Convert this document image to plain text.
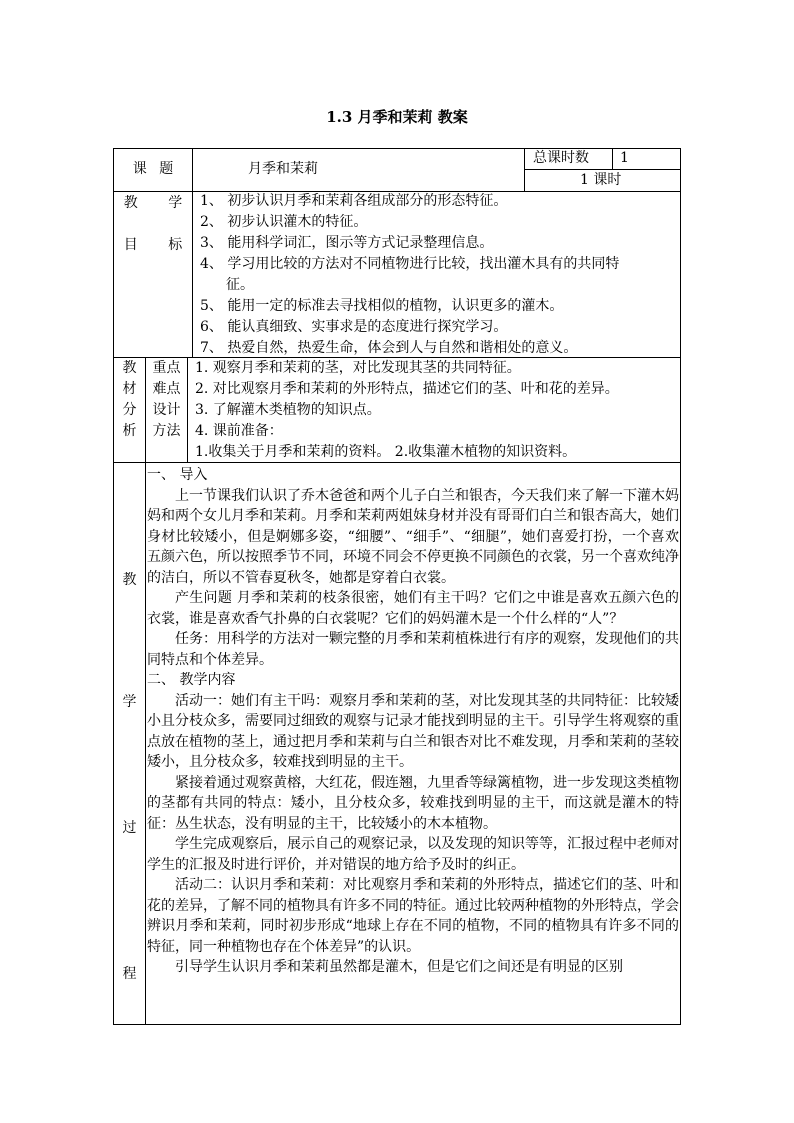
1.3 月季和茉莉 教案
课 题	月季和茉莉
总课时数 1
1 课时
教 学
目 标
1、 初步认识月季和茉莉各组成部分的形态特征。
2、 初步认识灌木的特征。
3、 能用科学词汇，图示等方式记录整理信息。
4、 学习用比较的方法对不同植物进行比较，找出灌木具有的共同特
征。
5、 能用一定的标准去寻找相似的植物，认识更多的灌木。
6、 能认真细致、实事求是的态度进行探究学习。
7、 热爱自然，热爱生命，体会到人与自然和谐相处的意义。
教
材
分
析
重点
难点
设计
方法
1. 观察月季和茉莉的茎，对比发现其茎的共同特征。
2. 对比观察月季和茉莉的外形特点，描述它们的茎、叶和花的差异。
3. 了解灌木类植物的知识点。
4. 课前准备：
1.收集关于月季和茉莉的资料。 2.收集灌木植物的知识资料。
教
学
过
程

一、 导入

上一节课我们认识了乔木爸爸和两个儿子白兰和银杏，今天我们来了解一下灌木妈妈和两个女儿月季和茉莉。月季和茉莉两姐妹身材并没有哥哥们白兰和银杏高大，她们身材比较矮小，但是婀娜多姿，“细腰”、“细手”、“细腿”，她们喜爱打扮，一个喜欢五颜六色，所以按照季节不同，环境不同会不停更换不同颜色的衣裳，另一个喜欢纯净的洁白，所以不管春夏秋冬，她都是穿着白衣裳。

产生问题 月季和茉莉的枝条很密，她们有主干吗？它们之中谁是喜欢五颜六色的衣裳，谁是喜欢香气扑鼻的白衣裳呢？它们的妈妈灌木是一个什么样的“人”？

任务：用科学的方法对一颗完整的月季和茉莉植株进行有序的观察，发现他们的共同特点和个体差异。

二、 教学内容

活动一：她们有主干吗：观察月季和茉莉的茎，对比发现其茎的共同特征：比较矮小且分枝众多，需要同过细致的观察与记录才能找到明显的主干。引导学生将观察的重点放在植物的茎上，通过把月季和茉莉与白兰和银杏对比不难发现，月季和茉莉的茎较矮小，且分枝众多，较难找到明显的主干。

紧接着通过观察黄榕，大红花，假连翘，九里香等绿篱植物，进一步发现这类植物的茎都有共同的特点：矮小，且分枝众多，较难找到明显的主干，而这就是灌木的特征：丛生状态，没有明显的主干，比较矮小的木本植物。

学生完成观察后，展示自己的观察记录，以及发现的知识等等，汇报过程中老师对学生的汇报及时进行评价，并对错误的地方给予及时的纠正。

活动二：认识月季和茉莉：对比观察月季和茉莉的外形特点，描述它们的茎、叶和花的差异，了解不同的植物具有许多不同的特征。通过比较两种植物的外形特点，学会辨识月季和茉莉，同时初步形成“地球上存在不同的植物，不同的植物具有许多不同的特征，同一种植物也存在个体差异”的认识。

引导学生认识月季和茉莉虽然都是灌木，但是它们之间还是有明显的区别
